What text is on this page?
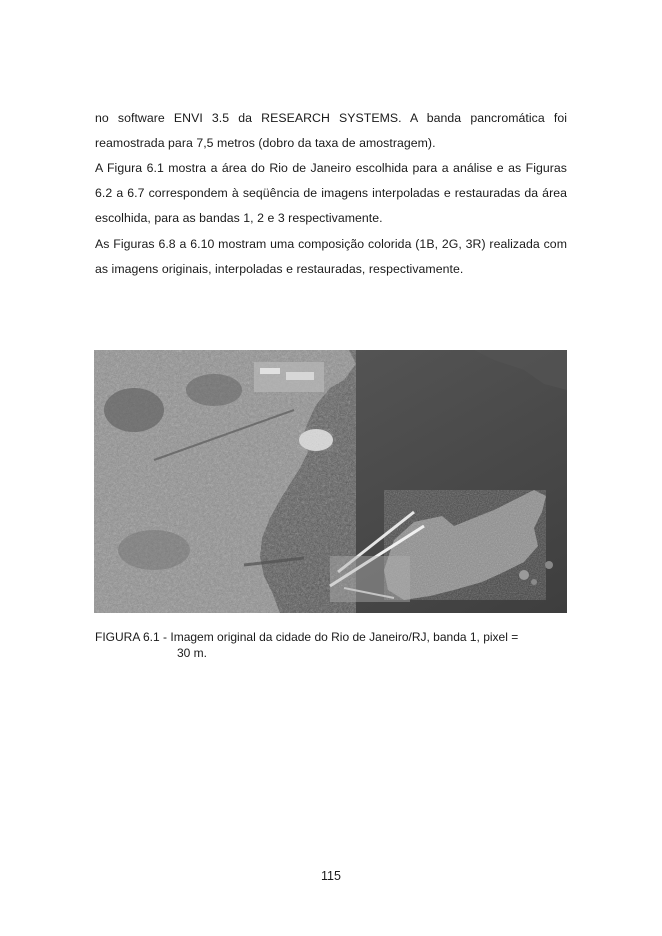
no software ENVI 3.5 da RESEARCH SYSTEMS. A banda pancromática foi reamostrada para 7,5 metros (dobro da taxa de amostragem).

A Figura 6.1 mostra a área do Rio de Janeiro escolhida para a análise e as Figuras 6.2 a 6.7 correspondem à seqüência de imagens interpoladas e restauradas da área escolhida, para as bandas 1, 2 e 3 respectivamente.

As Figuras 6.8 a 6.10 mostram uma composição colorida (1B, 2G, 3R) realizada com as imagens originais, interpoladas e restauradas, respectivamente.

FIGURA 6.1 - Imagem original da cidade do Rio de Janeiro/RJ, banda 1, pixel =
30 m.
115
